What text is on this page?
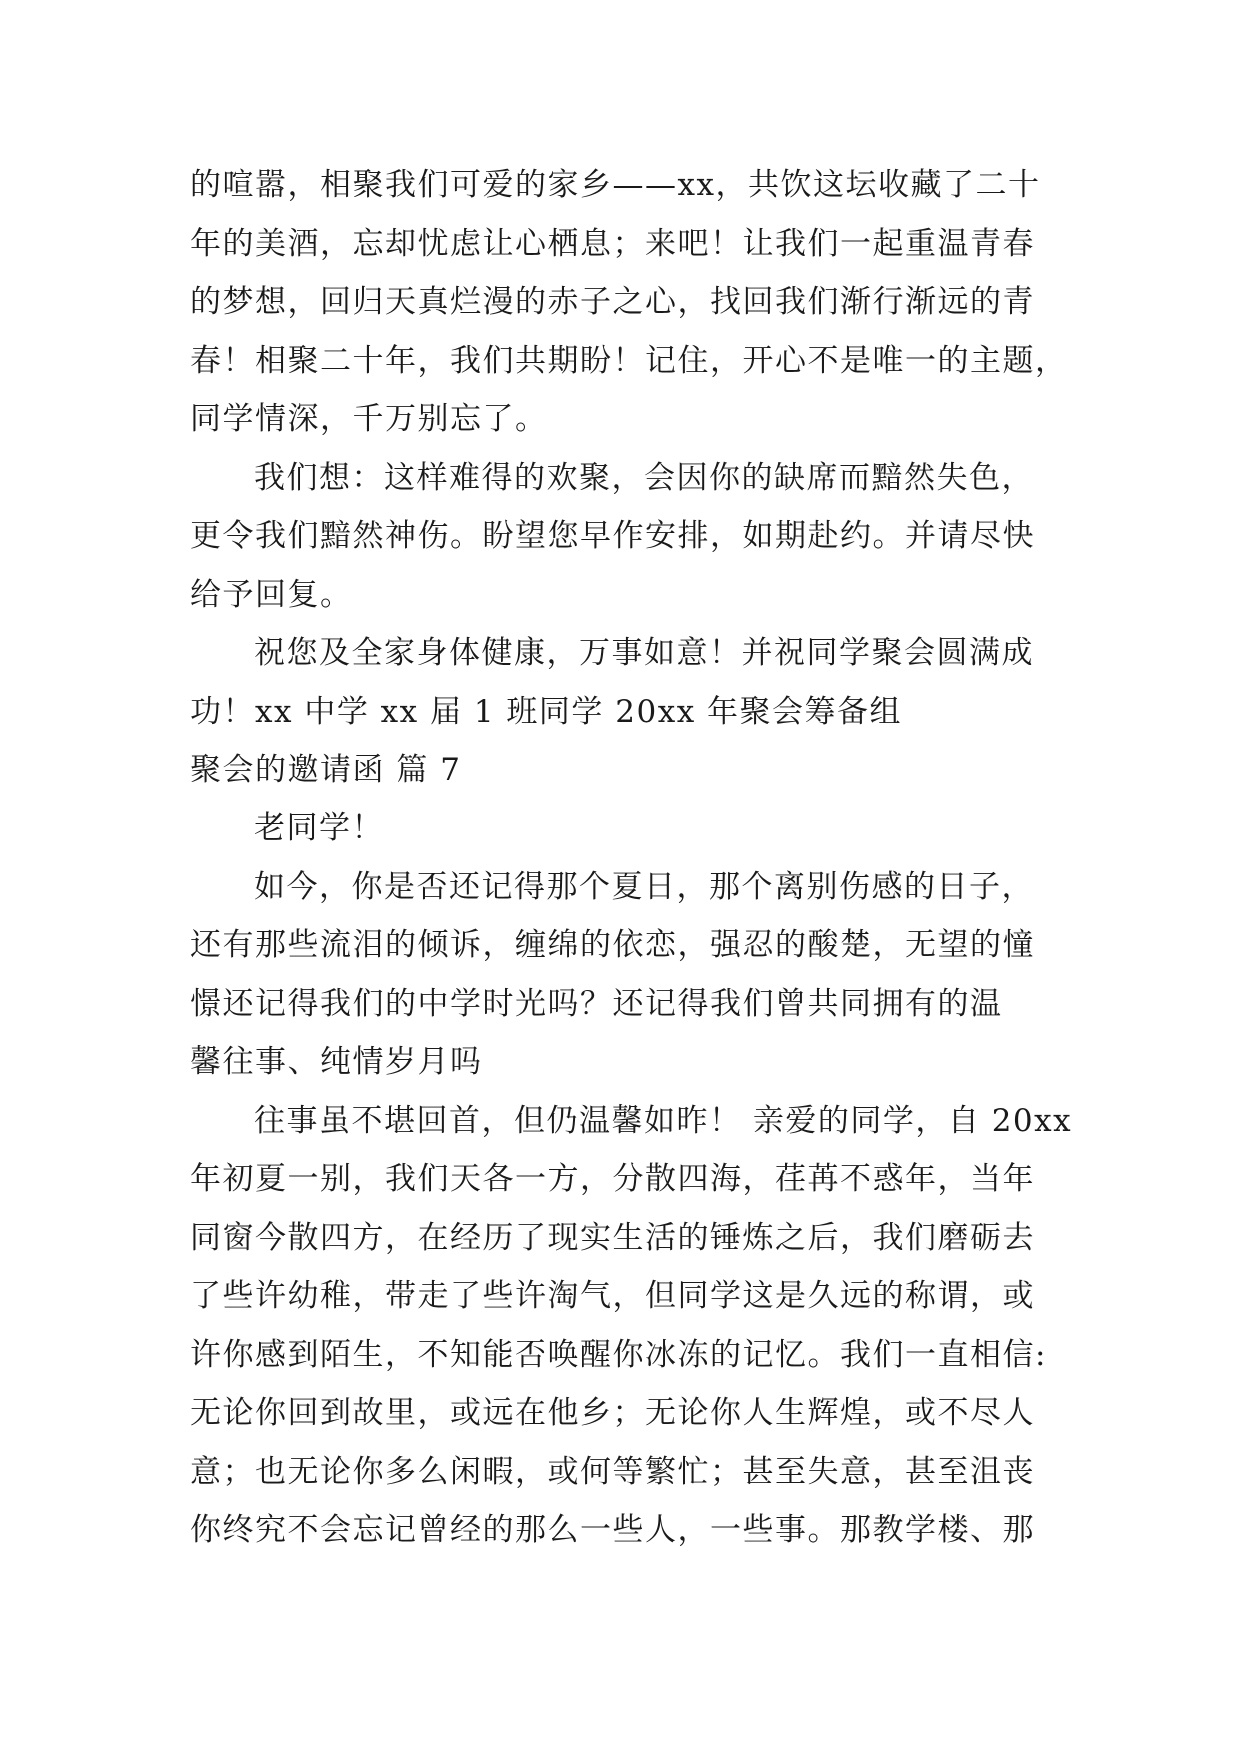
的喧嚣，相聚我们可爱的家乡——xx，共饮这坛收藏了二十
年的美酒，忘却忧虑让心栖息；来吧！让我们一起重温青春
的梦想，回归天真烂漫的赤子之心，找回我们渐行渐远的青
春！相聚二十年，我们共期盼！记住，开心不是唯一的主题，
同学情深，千万别忘了。
我们想：这样难得的欢聚，会因你的缺席而黯然失色，
更令我们黯然神伤。盼望您早作安排，如期赴约。并请尽快
给予回复。
祝您及全家身体健康，万事如意！并祝同学聚会圆满成
功！xx 中学 xx 届 1 班同学 20xx 年聚会筹备组
聚会的邀请函 篇 7
老同学！
如今，你是否还记得那个夏日，那个离别伤感的日子，
还有那些流泪的倾诉，缠绵的依恋，强忍的酸楚，无望的憧
憬还记得我们的中学时光吗？还记得我们曾共同拥有的温
馨往事、纯情岁月吗
往事虽不堪回首，但仍温馨如昨！ 亲爱的同学，自 20xx
年初夏一别，我们天各一方，分散四海，荏苒不惑年，当年
同窗今散四方，在经历了现实生活的锤炼之后，我们磨砺去
了些许幼稚，带走了些许淘气，但同学这是久远的称谓，或
许你感到陌生，不知能否唤醒你冰冻的记忆。我们一直相信:
无论你回到故里，或远在他乡；无论你人生辉煌，或不尽人
意；也无论你多么闲暇，或何等繁忙；甚至失意，甚至沮丧
你终究不会忘记曾经的那么一些人，一些事。那教学楼、那
